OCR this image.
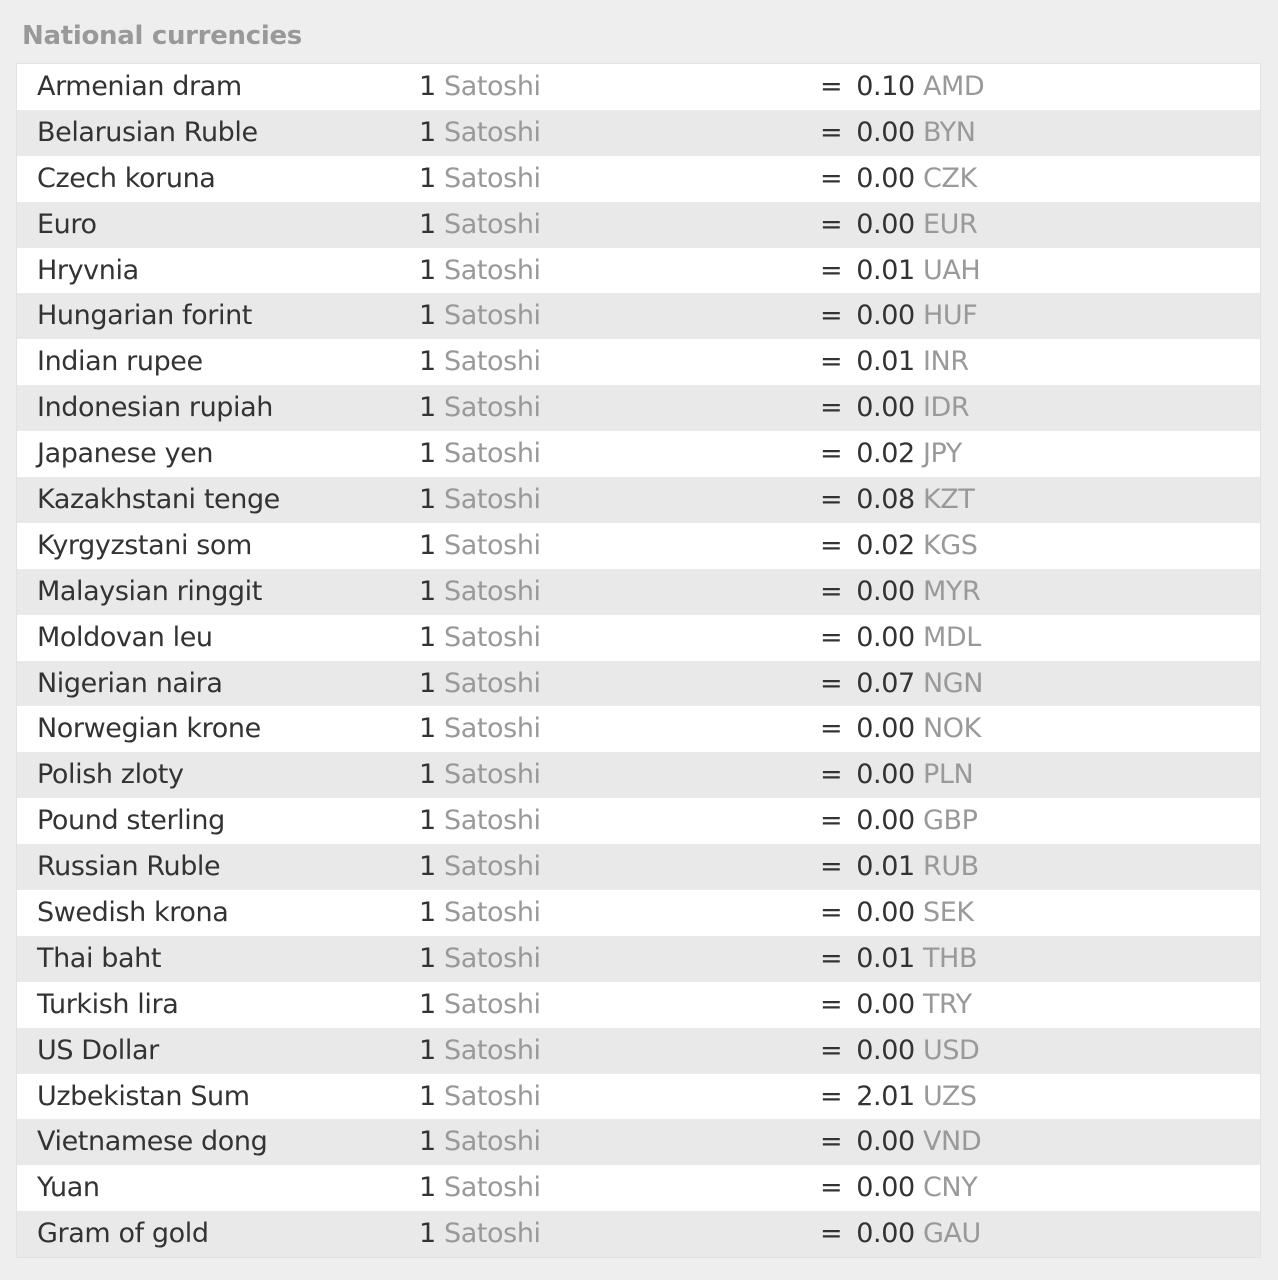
National currencies
Armenian dram	1 Satoshi	= 0.10 AMD
Belarusian Ruble	1 Satoshi	= 0.00 BYN
Czech koruna	1 Satoshi	= 0.00 CZK
Euro	1 Satoshi	= 0.00 EUR
Hryvnia	1 Satoshi	= 0.01 UAH
Hungarian forint	1 Satoshi	= 0.00 HUF
Indian rupee	1 Satoshi	= 0.01 INR
Indonesian rupiah	1 Satoshi	= 0.00 IDR
Japanese yen	1 Satoshi	= 0.02 JPY
Kazakhstani tenge	1 Satoshi	= 0.08 KZT
Kyrgyzstani som	1 Satoshi	= 0.02 KGS
Malaysian ringgit	1 Satoshi	= 0.00 MYR
Moldovan leu	1 Satoshi	= 0.00 MDL
Nigerian naira	1 Satoshi	= 0.07 NGN
Norwegian krone	1 Satoshi	= 0.00 NOK
Polish zloty	1 Satoshi	= 0.00 PLN
Pound sterling	1 Satoshi	= 0.00 GBP
Russian Ruble	1 Satoshi	= 0.01 RUB
Swedish krona	1 Satoshi	= 0.00 SEK
Thai baht	1 Satoshi	= 0.01 THB
Turkish lira	1 Satoshi	= 0.00 TRY
US Dollar	1 Satoshi	= 0.00 USD
Uzbekistan Sum	1 Satoshi	= 2.01 UZS
Vietnamese dong	1 Satoshi	= 0.00 VND
Yuan	1 Satoshi	= 0.00 CNY
Gram of gold	1 Satoshi	= 0.00 GAU
